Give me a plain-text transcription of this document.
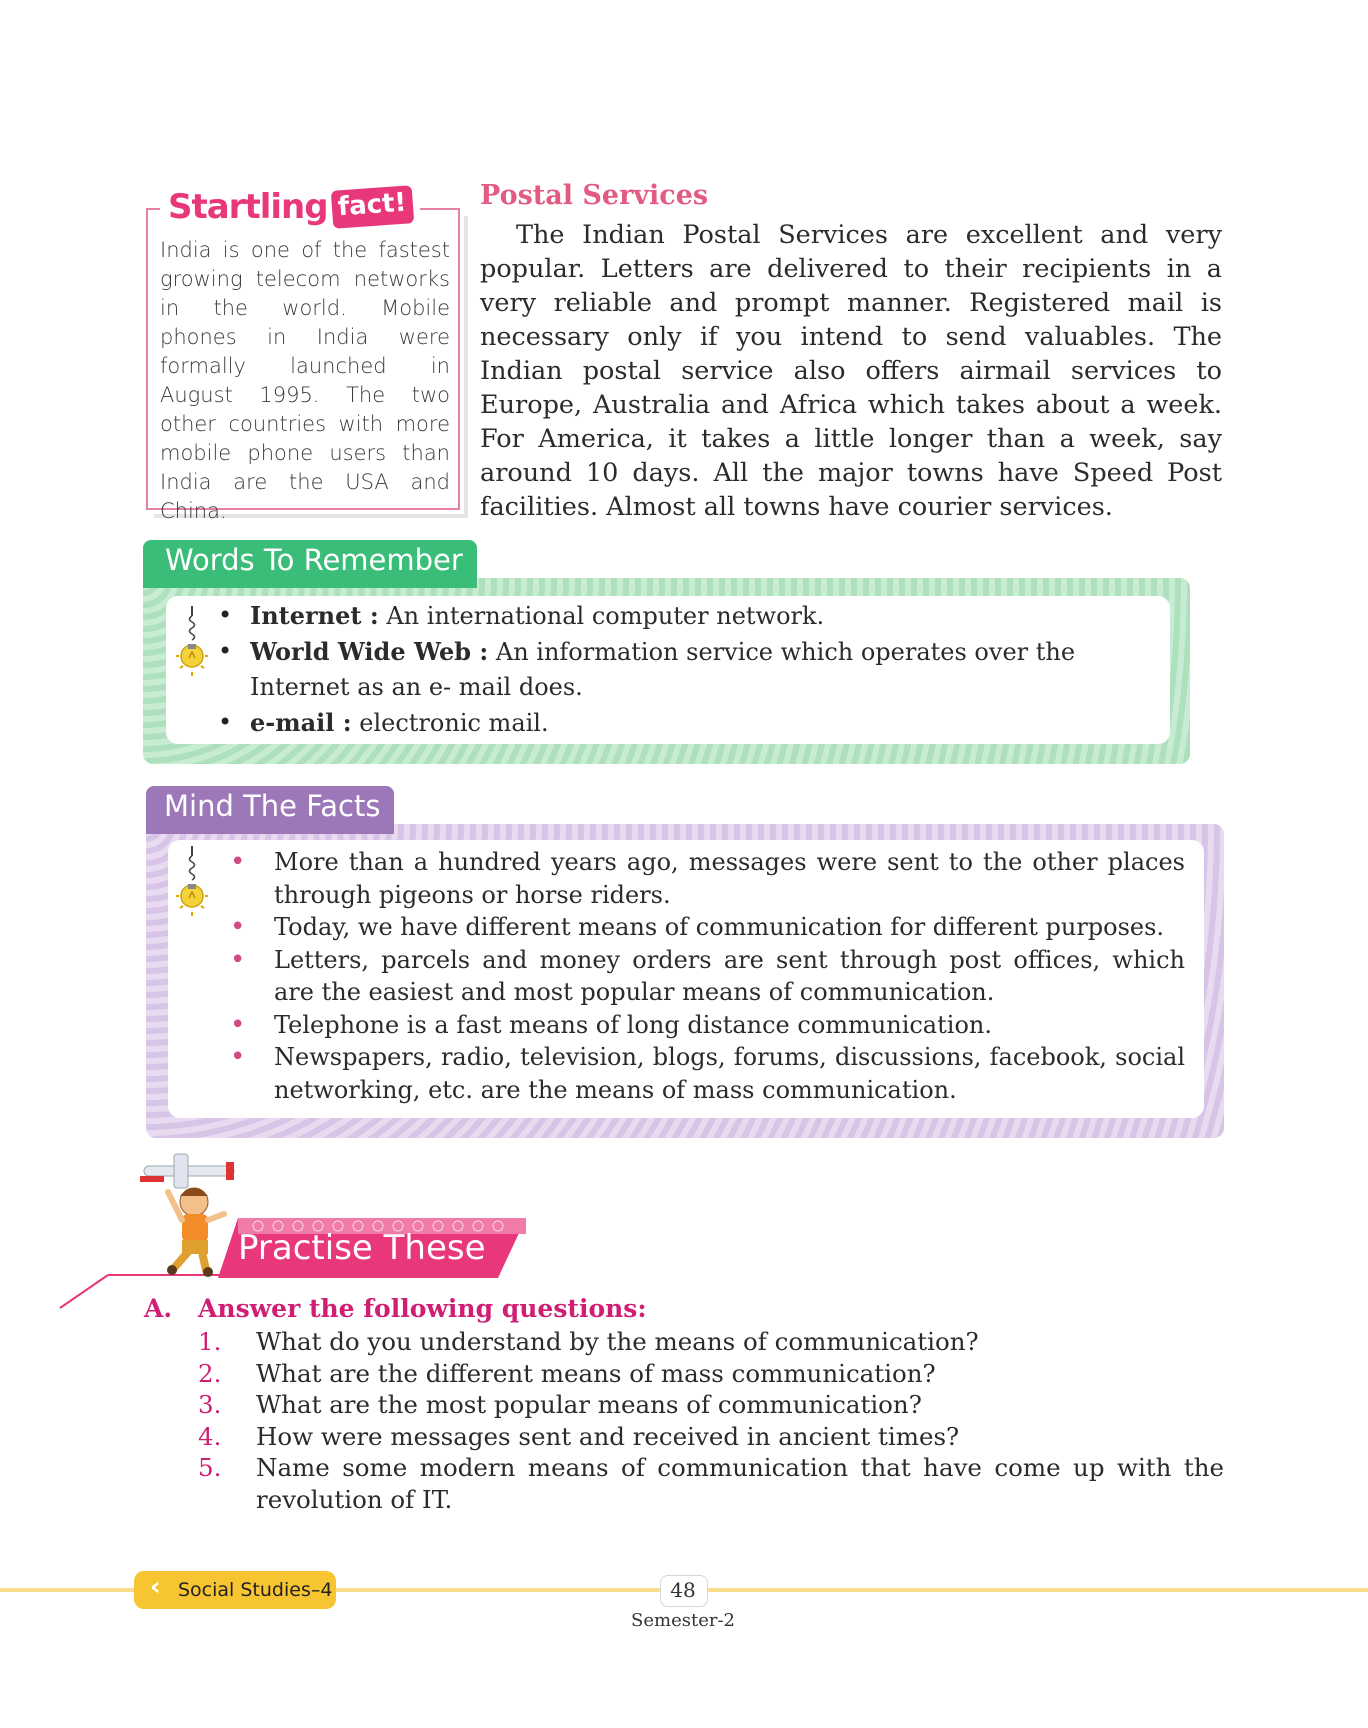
Startling fact!
India is one of the fastest growing telecom networks in the world. Mobile phones in India were formally launched in August 1995. The two other countries with more mobile phone users than India are the USA and China.
Postal Services
The Indian Postal Services are excellent and very popular. Letters are delivered to their recipients in a very reliable and prompt manner. Registered mail is necessary only if you intend to send valuables. The Indian postal service also offers airmail services to Europe, Australia and Africa which takes about a week. For America, it takes a little longer than a week, say around 10 days. All the major towns have Speed Post facilities. Almost all towns have courier services.
Words To Remember
• Internet : An international computer network.
• World Wide Web : An information service which operates over the Internet as an e- mail does.
• e-mail : electronic mail.
Mind The Facts
• More than a hundred years ago, messages were sent to the other places through pigeons or horse riders.
• Today, we have different means of communication for different purposes.
• Letters, parcels and money orders are sent through post offices, which are the easiest and most popular means of communication.
• Telephone is a fast means of long distance communication.
• Newspapers, radio, television, blogs, forums, discussions, facebook, social networking, etc. are the means of mass communication.
Practise These
A. Answer the following questions:
1. What do you understand by the means of communication?
2. What are the different means of mass communication?
3. What are the most popular means of communication?
4. How were messages sent and received in ancient times?
5. Name some modern means of communication that have come up with the revolution of IT.
‹ Social Studies–4	48
Semester-2
